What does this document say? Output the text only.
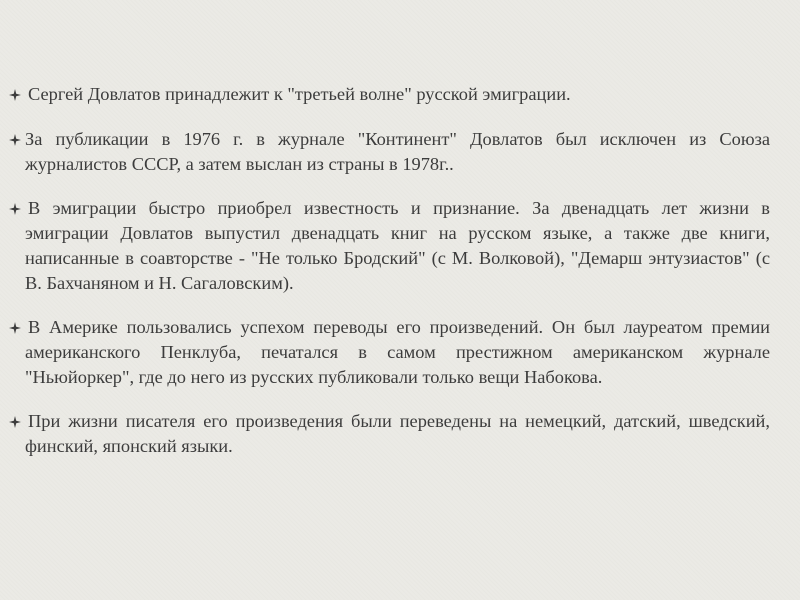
Сергей Довлатов принадлежит к "третьей волне" русской эмиграции.

За публикации в 1976 г. в журнале "Континент" Довлатов был исключен из Союза журналистов СССР, а затем выслан из страны в 1978г..

В эмиграции быстро приобрел известность и признание. За двенадцать лет жизни в эмиграции Довлатов выпустил двенадцать книг на русском языке, а также две книги, написанные в соавторстве - "Не только Бродский" (с М. Волковой), "Демарш энтузиастов" (с В. Бахчаняном и Н. Сагаловским).

В Америке пользовались успехом переводы его произведений. Он был лауреатом премии американского Пенклуба, печатался в самом престижном американском журнале "Ньюйоркер", где до него из русских публиковали только вещи Набокова.

При жизни писателя его произведения были переведены на немецкий, датский, шведский, финский, японский языки.
